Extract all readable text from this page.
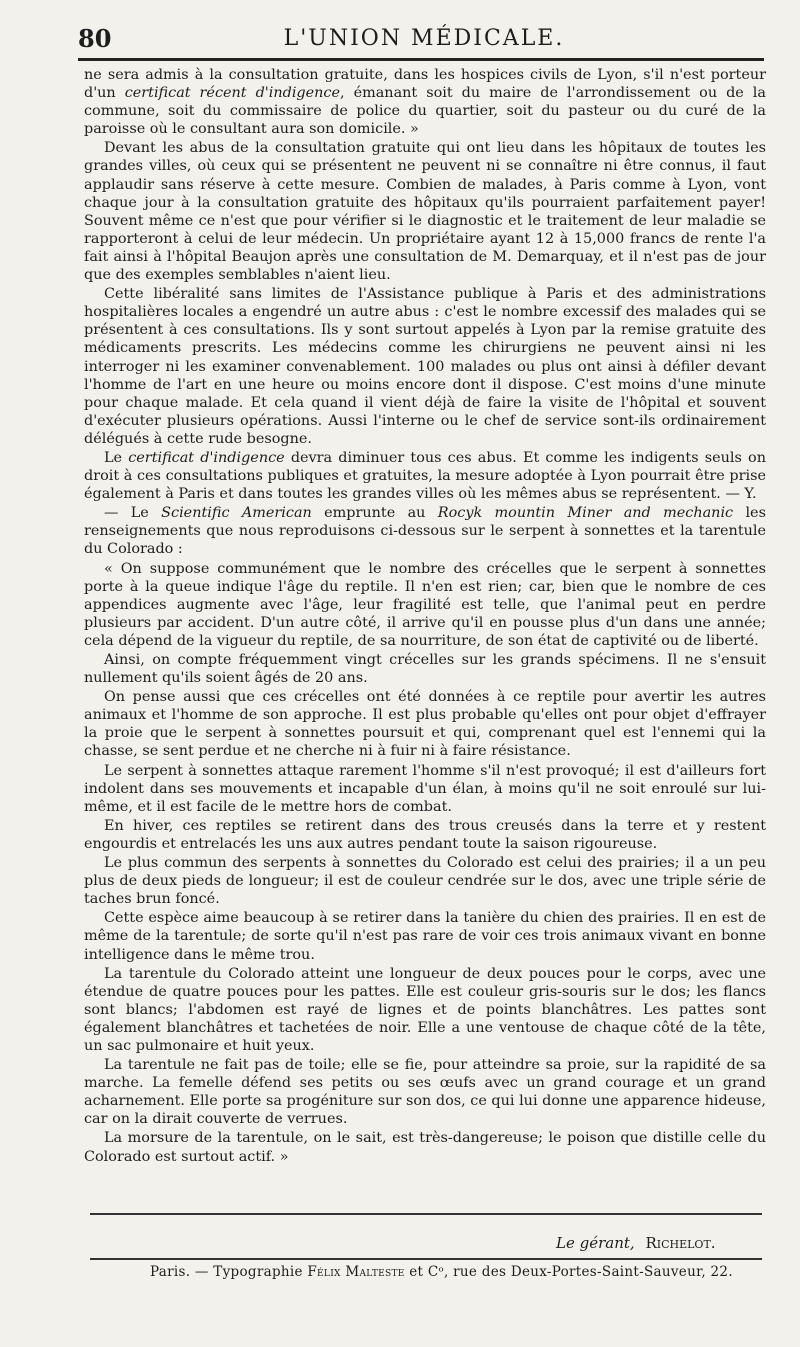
80	L'UNION MÉDICALE.

ne sera admis à la consultation gratuite, dans les hospices civils de Lyon, s'il n'est porteur d'un certificat récent d'indigence, émanant soit du maire de l'arrondissement ou de la commune, soit du commissaire de police du quartier, soit du pasteur ou du curé de la paroisse où le consultant aura son domicile. »

Devant les abus de la consultation gratuite qui ont lieu dans les hôpitaux de toutes les grandes villes, où ceux qui se présentent ne peuvent ni se connaître ni être connus, il faut applaudir sans réserve à cette mesure. Combien de malades, à Paris comme à Lyon, vont chaque jour à la consultation gratuite des hôpitaux qu'ils pourraient parfaitement payer! Souvent même ce n'est que pour vérifier si le diagnostic et le traitement de leur maladie se rapporteront à celui de leur médecin. Un propriétaire ayant 12 à 15,000 francs de rente l'a fait ainsi à l'hôpital Beaujon après une consultation de M. Demarquay, et il n'est pas de jour que des exemples semblables n'aient lieu.

Cette libéralité sans limites de l'Assistance publique à Paris et des administrations hospitalières locales a engendré un autre abus : c'est le nombre excessif des malades qui se présentent à ces consultations. Ils y sont surtout appelés à Lyon par la remise gratuite des médicaments prescrits. Les médecins comme les chirurgiens ne peuvent ainsi ni les interroger ni les examiner convenablement. 100 malades ou plus ont ainsi à défiler devant l'homme de l'art en une heure ou moins encore dont il dispose. C'est moins d'une minute pour chaque malade. Et cela quand il vient déjà de faire la visite de l'hôpital et souvent d'exécuter plusieurs opérations. Aussi l'interne ou le chef de service sont-ils ordinairement délégués à cette rude besogne.

Le certificat d'indigence devra diminuer tous ces abus. Et comme les indigents seuls on droit à ces consultations publiques et gratuites, la mesure adoptée à Lyon pourrait être prise également à Paris et dans toutes les grandes villes où les mêmes abus se représentent. — Y.

— Le Scientific American emprunte au Rocyk mountin Miner and mechanic les renseignements que nous reproduisons ci-dessous sur le serpent à sonnettes et la tarentule du Colorado :

« On suppose communément que le nombre des crécelles que le serpent à sonnettes porte à la queue indique l'âge du reptile. Il n'en est rien; car, bien que le nombre de ces appendices augmente avec l'âge, leur fragilité est telle, que l'animal peut en perdre plusieurs par accident. D'un autre côté, il arrive qu'il en pousse plus d'un dans une année; cela dépend de la vigueur du reptile, de sa nourriture, de son état de captivité ou de liberté.

Ainsi, on compte fréquemment vingt crécelles sur les grands spécimens. Il ne s'ensuit nullement qu'ils soient âgés de 20 ans.

On pense aussi que ces crécelles ont été données à ce reptile pour avertir les autres animaux et l'homme de son approche. Il est plus probable qu'elles ont pour objet d'effrayer la proie que le serpent à sonnettes poursuit et qui, comprenant quel est l'ennemi qui la chasse, se sent perdue et ne cherche ni à fuir ni à faire résistance.

Le serpent à sonnettes attaque rarement l'homme s'il n'est provoqué; il est d'ailleurs fort indolent dans ses mouvements et incapable d'un élan, à moins qu'il ne soit enroulé sur lui-même, et il est facile de le mettre hors de combat.

En hiver, ces reptiles se retirent dans des trous creusés dans la terre et y restent engourdis et entrelacés les uns aux autres pendant toute la saison rigoureuse.

Le plus commun des serpents à sonnettes du Colorado est celui des prairies; il a un peu plus de deux pieds de longueur; il est de couleur cendrée sur le dos, avec une triple série de taches brun foncé.

Cette espèce aime beaucoup à se retirer dans la tanière du chien des prairies. Il en est de même de la tarentule; de sorte qu'il n'est pas rare de voir ces trois animaux vivant en bonne intelligence dans le même trou.

La tarentule du Colorado atteint une longueur de deux pouces pour le corps, avec une étendue de quatre pouces pour les pattes. Elle est couleur gris-souris sur le dos; les flancs sont blancs; l'abdomen est rayé de lignes et de points blanchâtres. Les pattes sont également blanchâtres et tachetées de noir. Elle a une ventouse de chaque côté de la tête, un sac pulmonaire et huit yeux.

La tarentule ne fait pas de toile; elle se fie, pour atteindre sa proie, sur la rapidité de sa marche. La femelle défend ses petits ou ses œufs avec un grand courage et un grand acharnement. Elle porte sa progéniture sur son dos, ce qui lui donne une apparence hideuse, car on la dirait couverte de verrues.

La morsure de la tarentule, on le sait, est très-dangereuse; le poison que distille celle du Colorado est surtout actif. »

Le gérant, Richelot.
Paris. — Typographie Félix Malteste et Cᵒ, rue des Deux-Portes-Saint-Sauveur, 22.
